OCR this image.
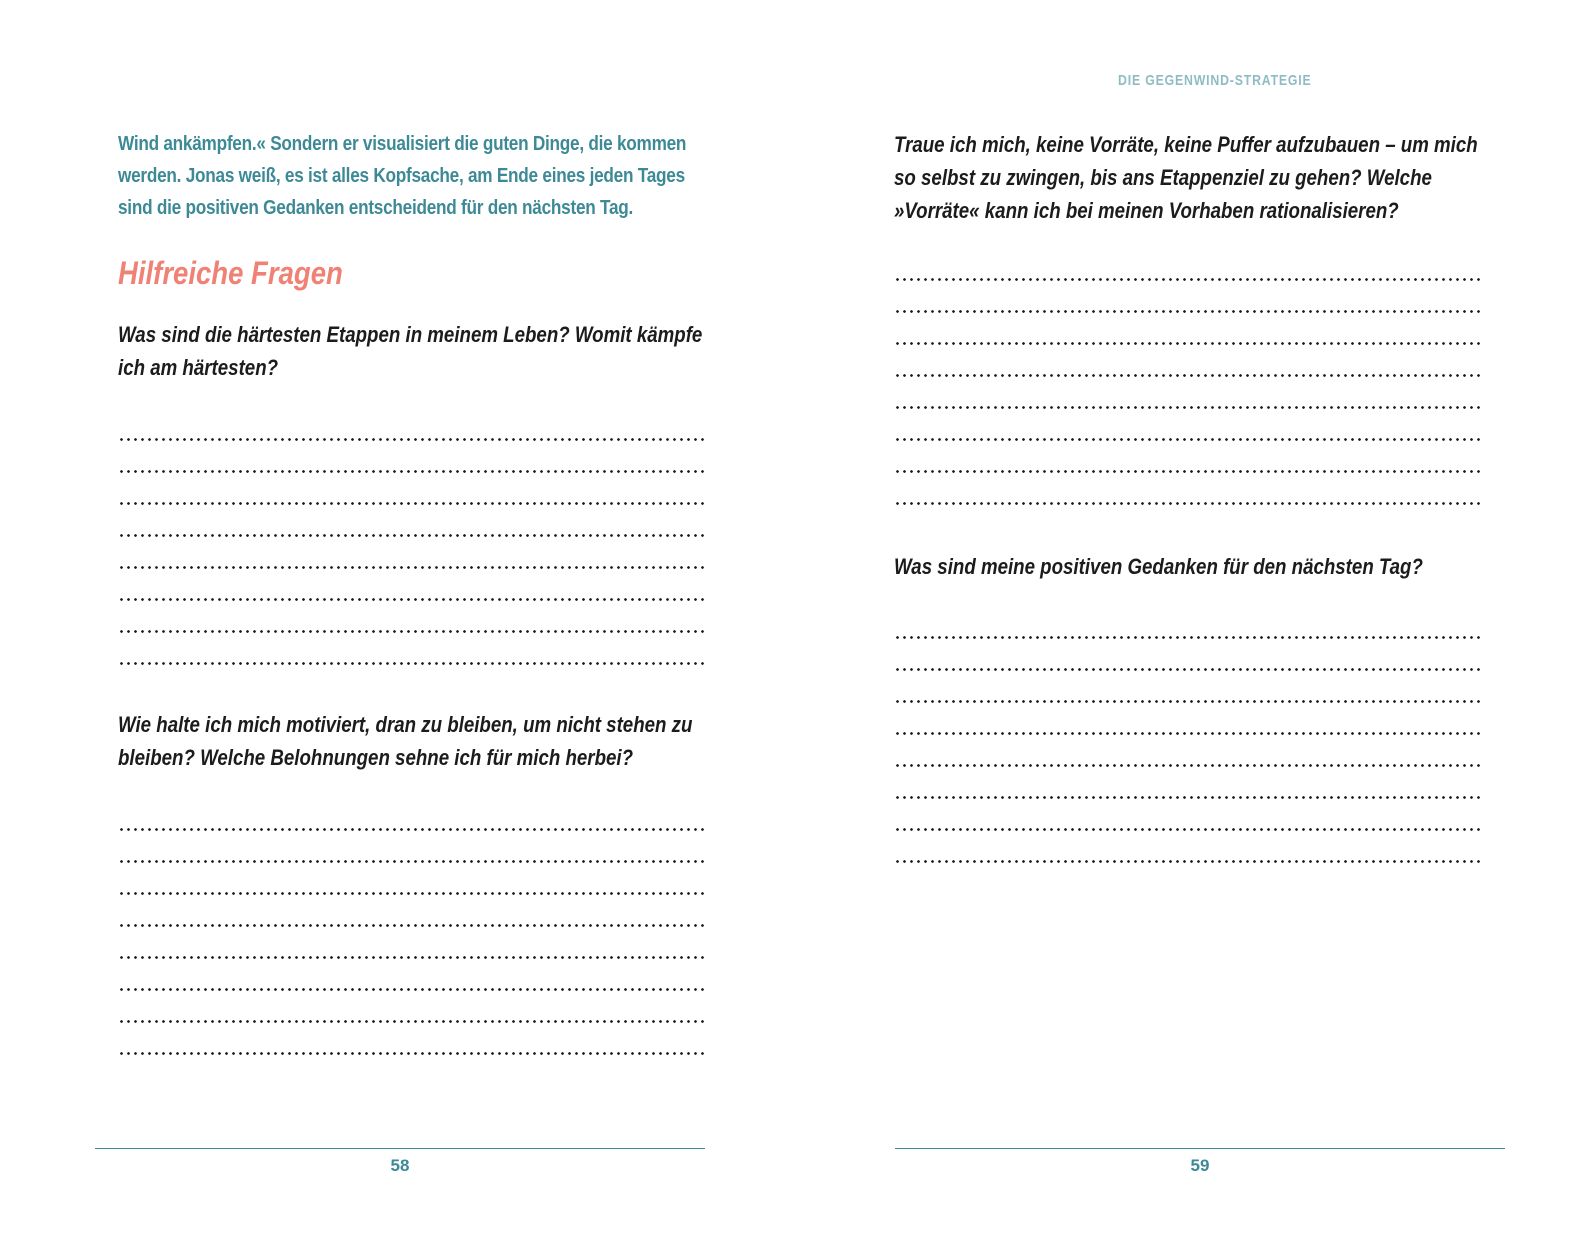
Wind ankämpfen.« Sondern er visualisiert die guten Dinge, die kommen

werden. Jonas weiß, es ist alles Kopfsache, am Ende eines jeden Tages

sind die positiven Gedanken entscheidend für den nächsten Tag.

Hilfreiche Fragen
Was sind die härtesten Etappen in meinem Leben? Womit kämpfe
ich am härtesten?
Wie halte ich mich motiviert, dran zu bleiben, um nicht stehen zu
bleiben? Welche Belohnungen sehne ich für mich herbei?
58
DIE GEGENWIND-STRATEGIE
Traue ich mich, keine Vorräte, keine Puffer aufzubauen – um mich
so selbst zu zwingen, bis ans Etappenziel zu gehen? Welche
»Vorräte« kann ich bei meinen Vorhaben rationalisieren?
Was sind meine positiven Gedanken für den nächsten Tag?
59
